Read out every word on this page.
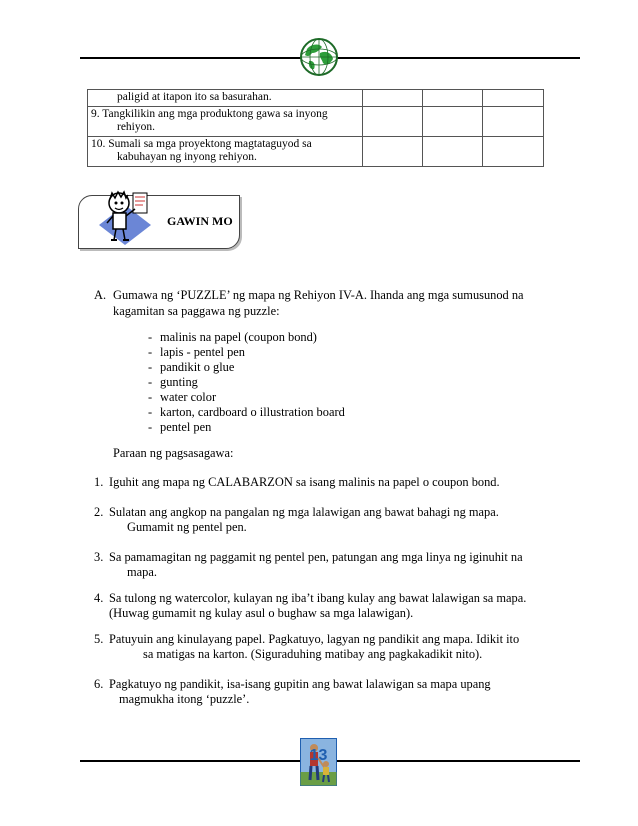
paligid at itapon ito sa basurahan.			

9. Tangkilikin ang mga produktong gawa sa inyong
rehiyon.			

10. Sumali sa mga proyektong magtataguyod sa
kabuhayan ng inyong rehiyon.			

GAWIN MO
A. Gumawa ng ‘PUZZLE’ ng mapa ng Rehiyon IV-A. Ihanda ang mga sumusunod na
kagamitan sa paggawa ng puzzle:
- malinis na papel (coupon bond)
- lapis - pentel pen
- pandikit o glue
- gunting
- water color
- karton, cardboard o illustration board
- pentel pen
Paraan ng pagsasagawa:
1. Iguhit ang mapa ng CALABARZON sa isang malinis na papel o coupon bond.
2. Sulatan ang angkop na pangalan ng mga lalawigan ang bawat bahagi ng mapa.
Gumamit ng pentel pen.
3. Sa pamamagitan ng paggamit ng pentel pen, patungan ang mga linya ng iginuhit na
mapa.
4. Sa tulong ng watercolor, kulayan ng iba’t ibang kulay ang bawat lalawigan sa mapa.
(Huwag gumamit ng kulay asul o bughaw sa mga lalawigan).
5. Patuyuin ang kinulayang papel. Pagkatuyo, lagyan ng pandikit ang mapa. Idikit ito
sa matigas na karton. (Siguraduhing matibay ang pagkakadikit nito).
6. Pagkatuyo ng pandikit, isa-isang gupitin ang bawat lalawigan sa mapa upang
magmukha itong ‘puzzle’.
13
